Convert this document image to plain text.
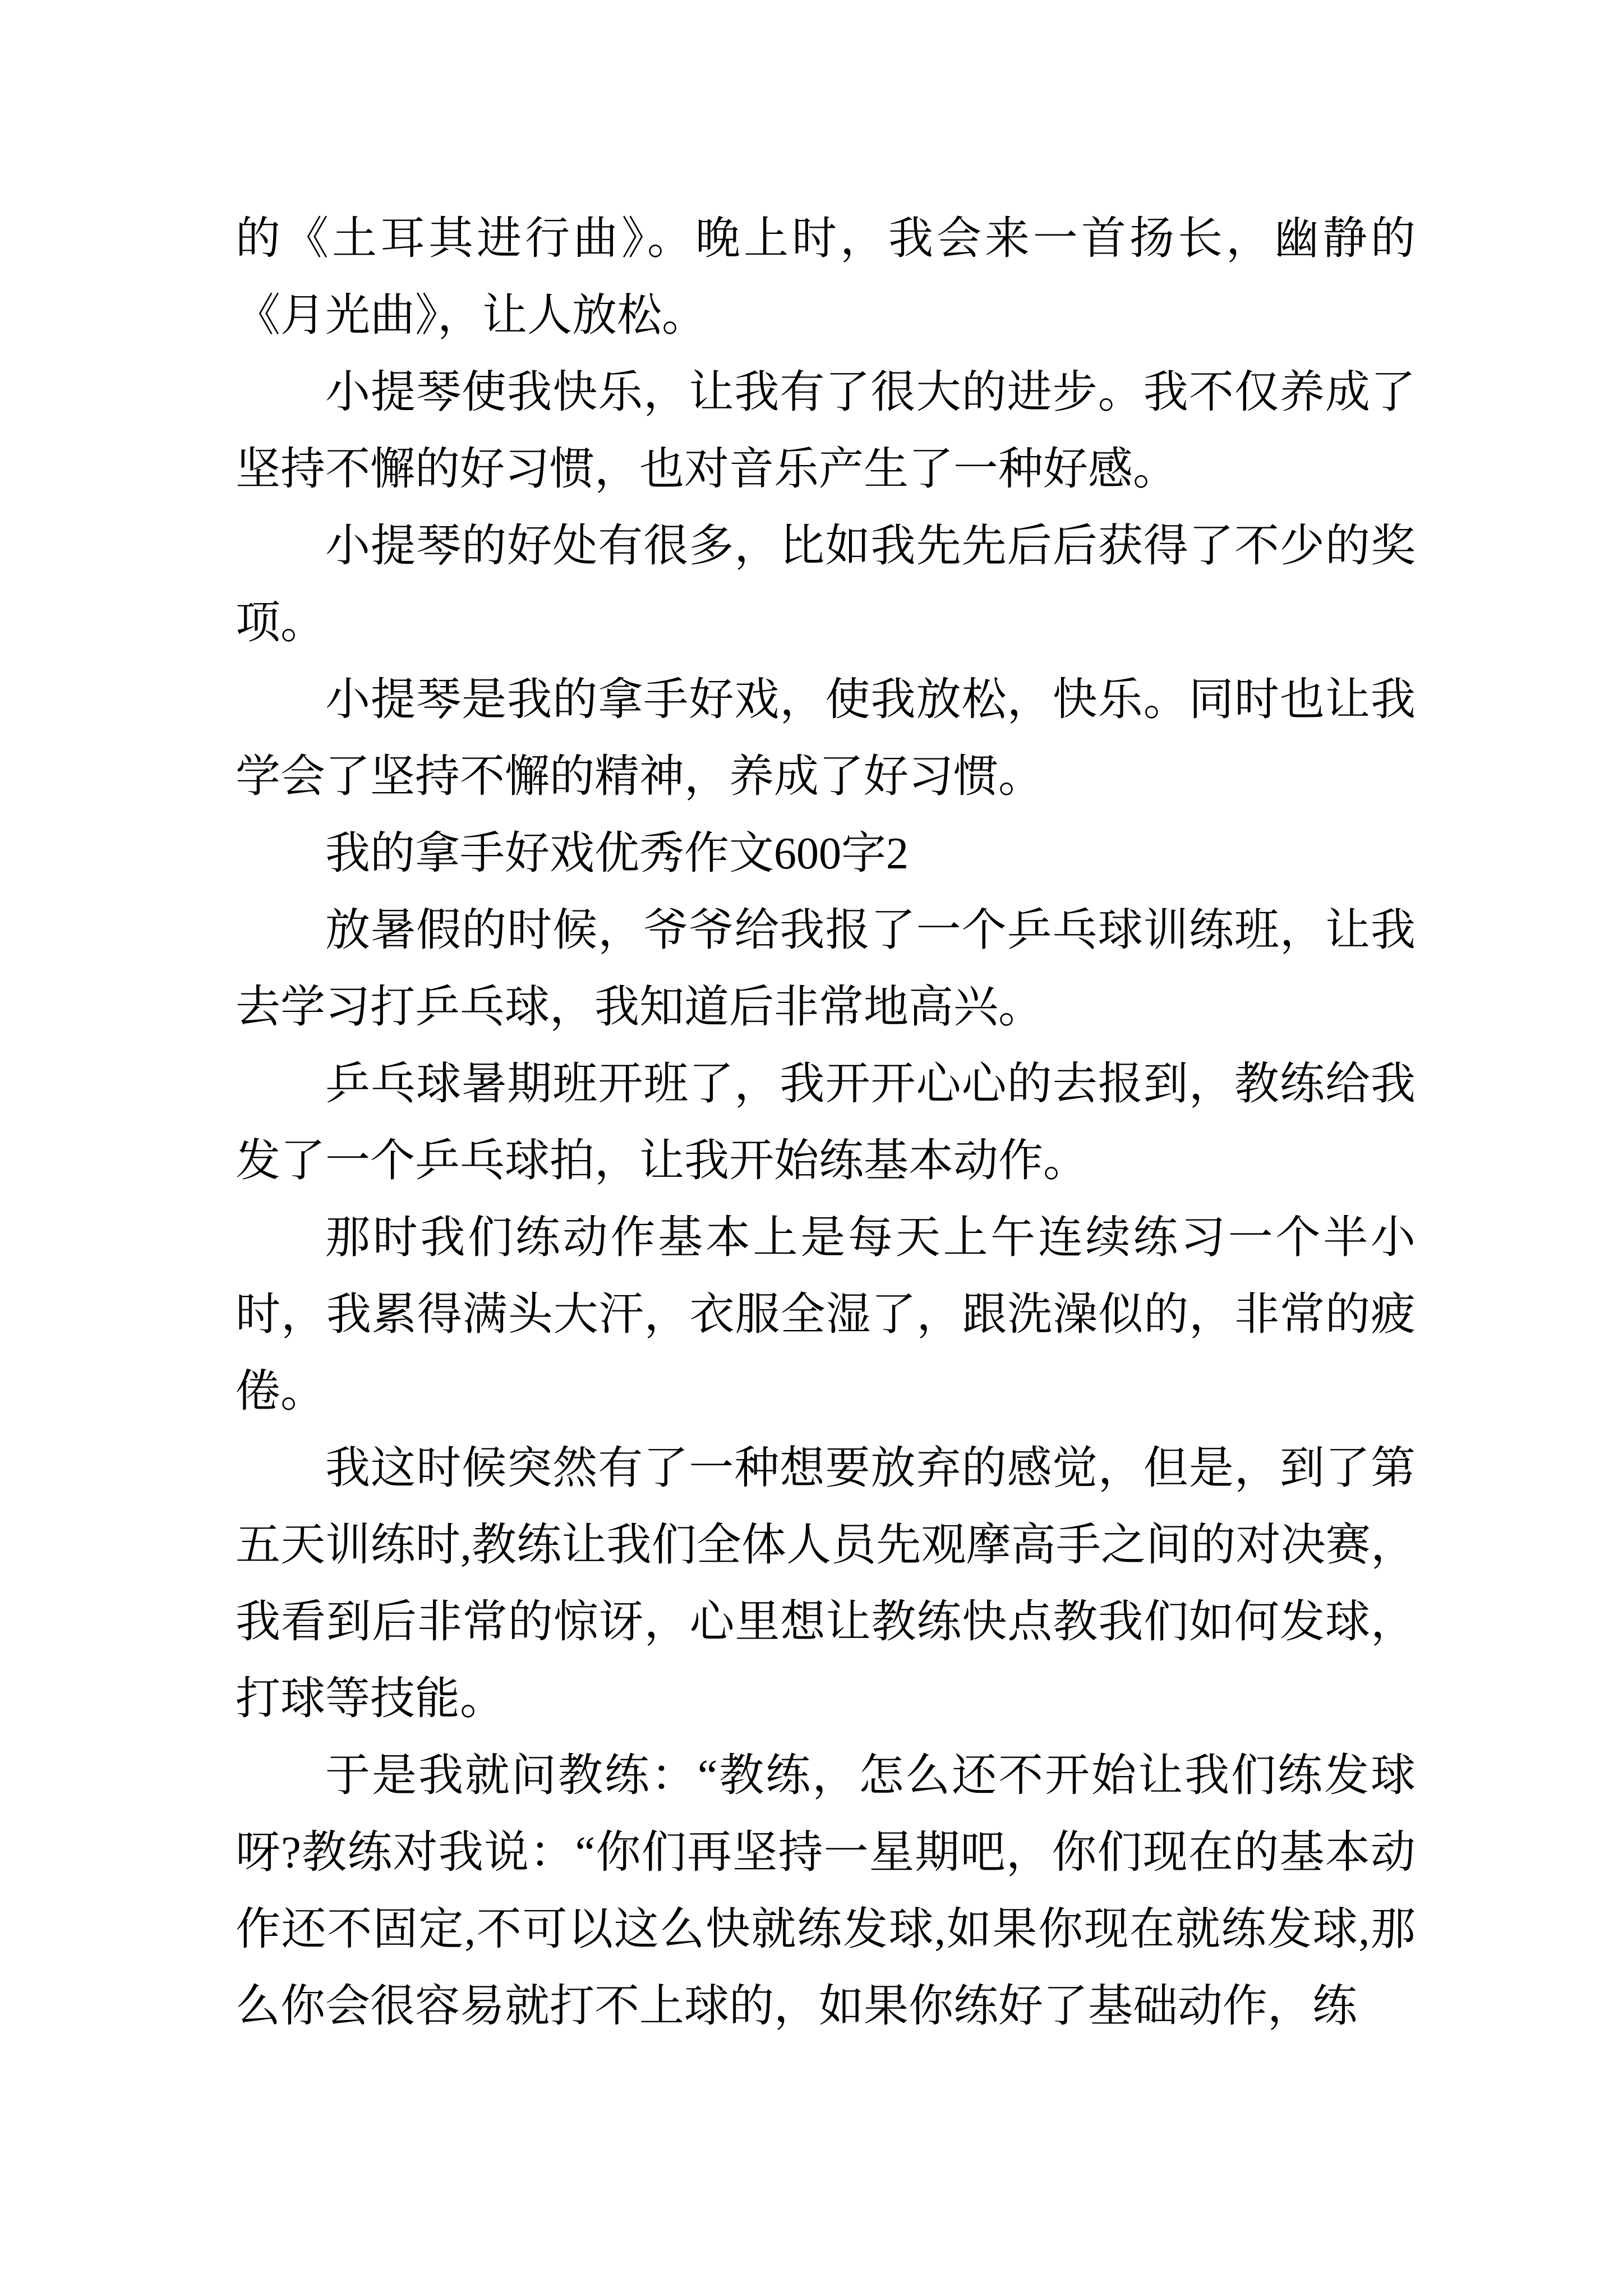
的《土耳其进行曲》。晚上时，我会来一首扬长，幽静的《月光曲》，让人放松。

小提琴使我快乐，让我有了很大的进步。我不仅养成了坚持不懈的好习惯，也对音乐产生了一种好感。

小提琴的好处有很多，比如我先先后后获得了不少的奖项。

小提琴是我的拿手好戏，使我放松，快乐。同时也让我学会了坚持不懈的精神，养成了好习惯。

我的拿手好戏优秀作文600字2

放暑假的时候，爷爷给我报了一个乒乓球训练班，让我去学习打乒乓球，我知道后非常地高兴。

乒乓球暑期班开班了，我开开心心的去报到，教练给我发了一个乒乓球拍，让我开始练基本动作。

那时我们练动作基本上是每天上午连续练习一个半小时，我累得满头大汗，衣服全湿了，跟洗澡似的，非常的疲倦。

我这时候突然有了一种想要放弃的感觉，但是，到了第五天训练时,教练让我们全体人员先观摩高手之间的对决赛，我看到后非常的惊讶，心里想让教练快点教我们如何发球，打球等技能。

于是我就问教练：“教练，怎么还不开始让我们练发球呀?教练对我说：“你们再坚持一星期吧，你们现在的基本动作还不固定,不可以这么快就练发球,如果你现在就练发球,那么你会很容易就打不上球的，如果你练好了基础动作，练
